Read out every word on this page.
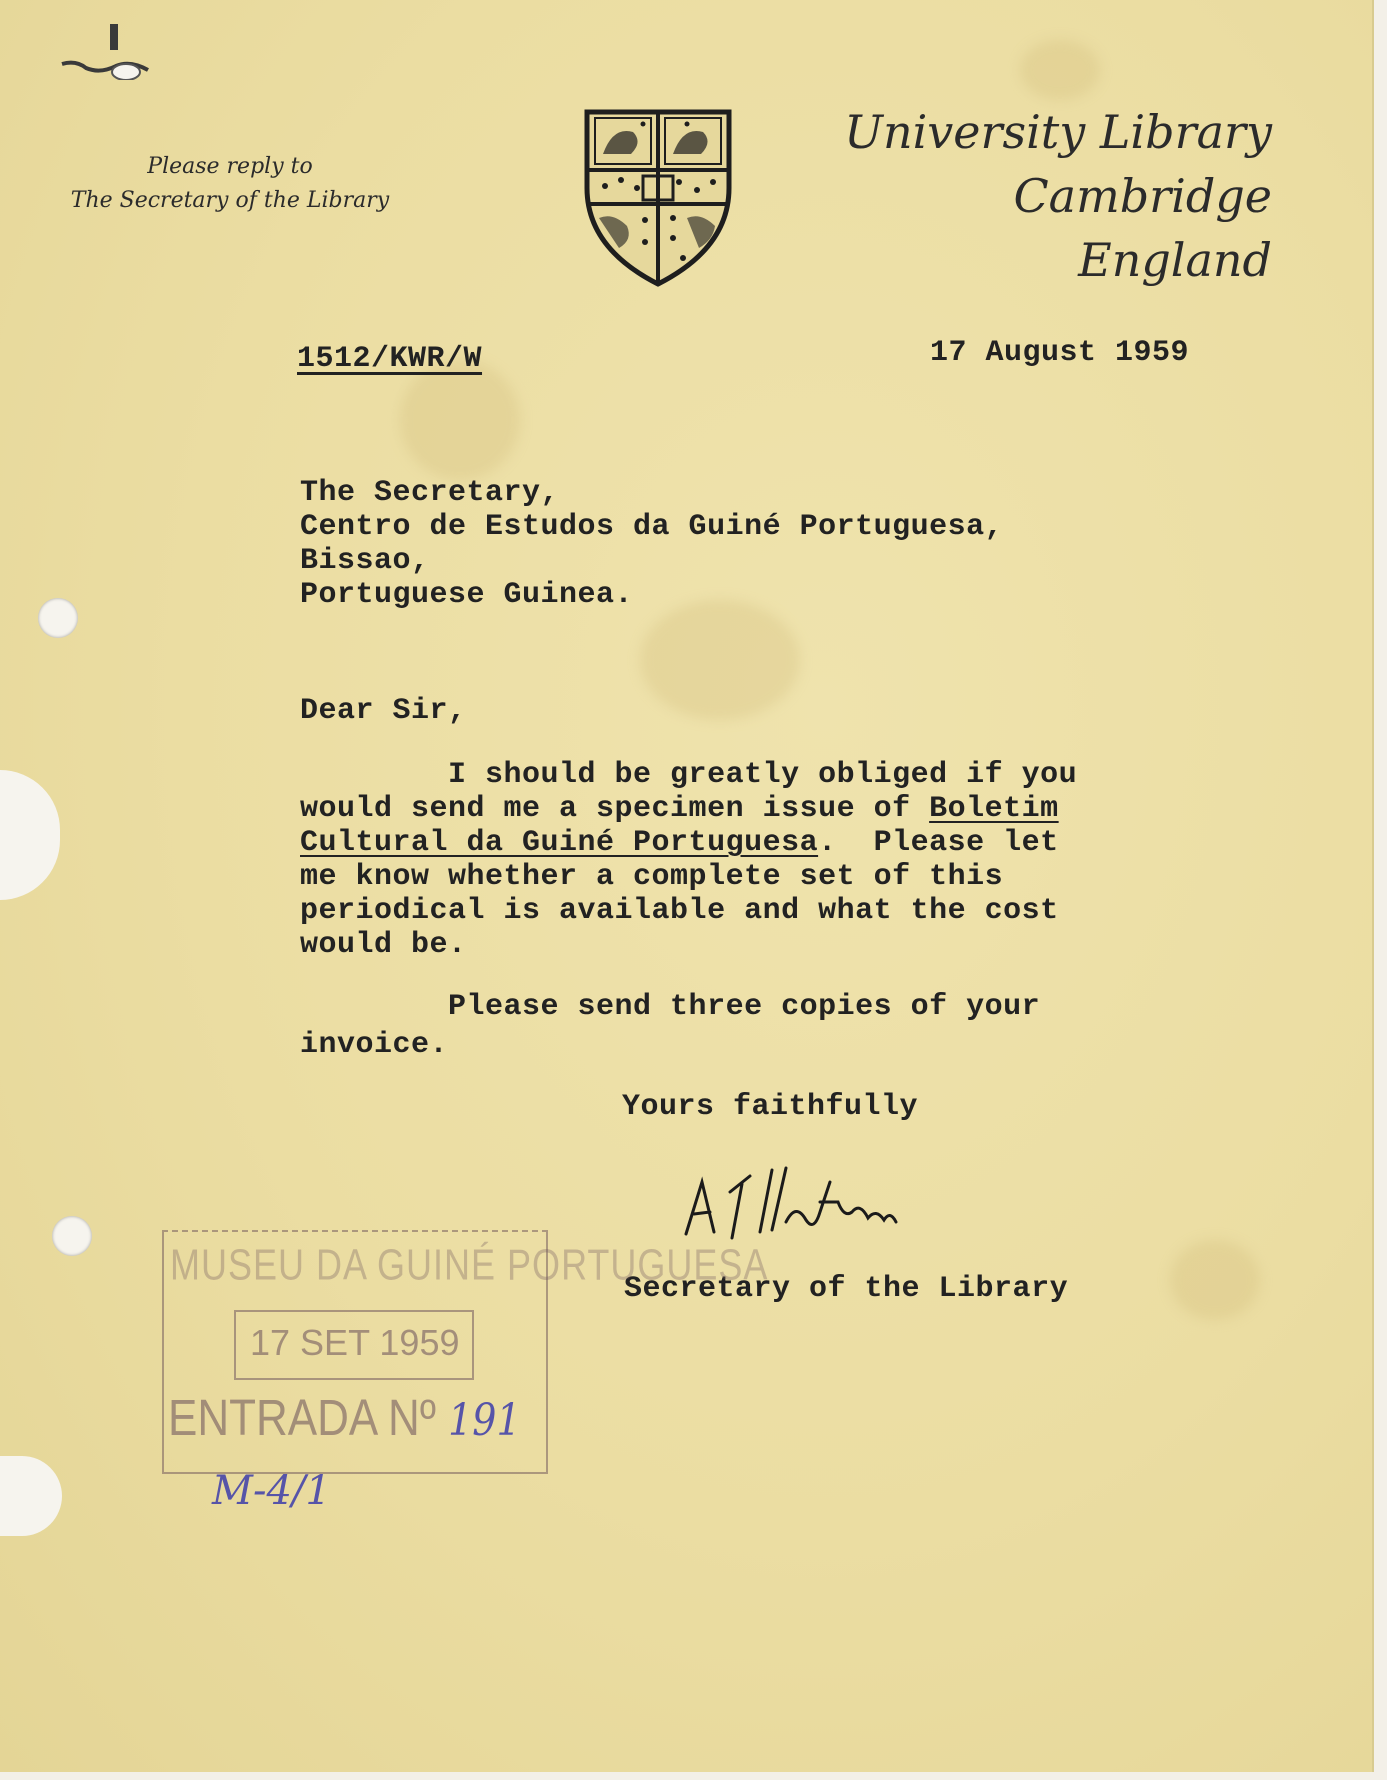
Please reply to
The Secretary of the Library
University Library
Cambridge
England
1512/KWR/W	17 August 1959
The Secretary,
Centro de Estudos da Guiné Portuguesa,
Bissao,
Portuguese Guinea.
Dear Sir,
I should be greatly obliged if you
would send me a specimen issue of Boletim
Cultural da Guiné Portuguesa.  Please let
me know whether a complete set of this
periodical is available and what the cost
would be.
Please send three copies of your
invoice.
Yours faithfully
Secretary of the Library
MUSEU DA GUINÉ PORTUGUESA
17 SET 1959
ENTRADA Nº 191
M-4/1
